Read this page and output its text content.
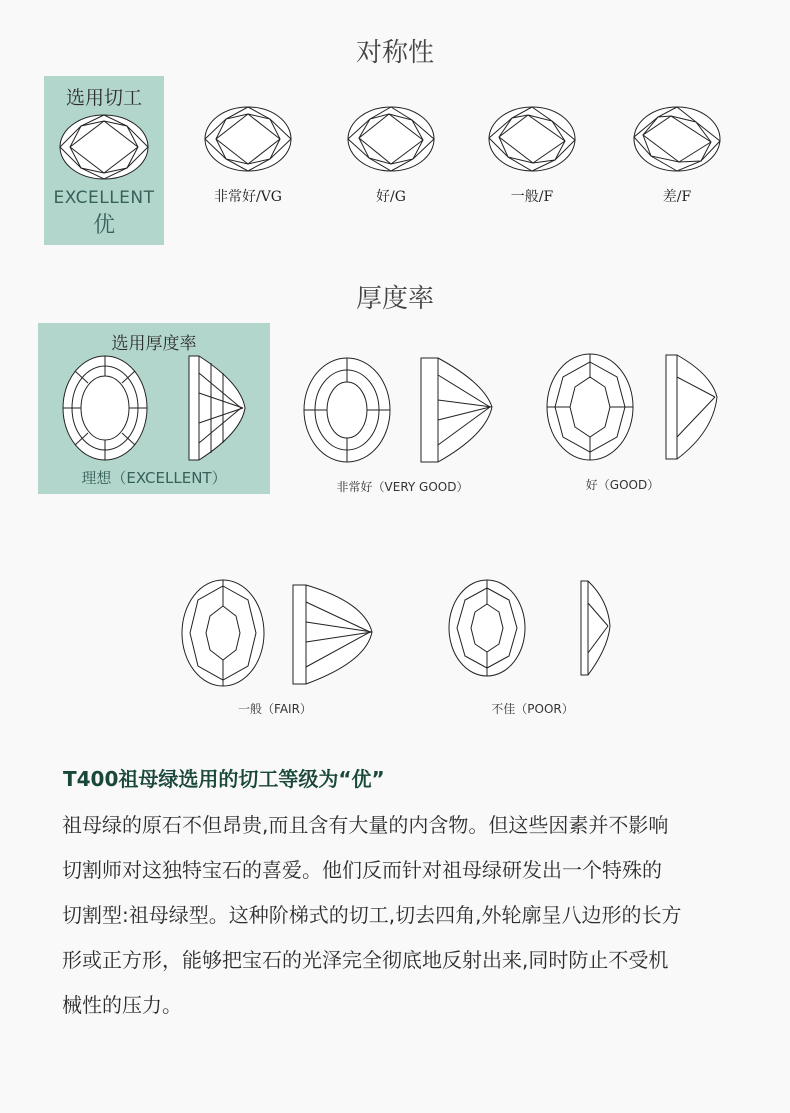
对称性
选用切工
EXCELLENT
优
非常好/VG	好/G	一般/F	差/F
厚度率
选用厚度率
理想（EXCELLENT）	非常好（VERY GOOD）	好（GOOD）
一般（FAIR）	不佳（POOR）
T400祖母绿选用的切工等级为“优”

祖母绿的原石不但昂贵,而且含有大量的内含物。但这些因素并不影响

切割师对这独特宝石的喜爱。他们反而针对祖母绿研发出一个特殊的

切割型:祖母绿型。这种阶梯式的切工,切去四角,外轮廓呈八边形的长方

形或正方形，能够把宝石的光泽完全彻底地反射出来,同时防止不受机

械性的压力。
